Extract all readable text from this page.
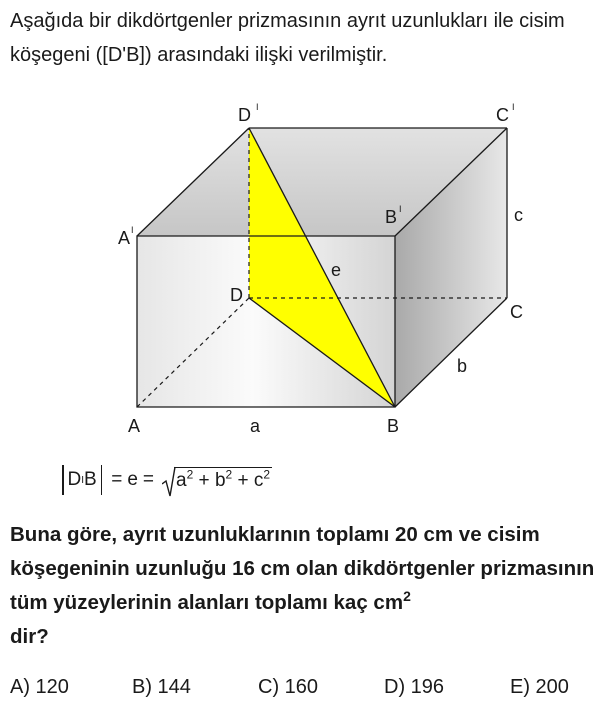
Aşağıda bir dikdörtgenler prizmasının ayrıt uzunlukları ile cisim köşegeni ([D'B]) arasındaki ilişki verilmiştir.

D I	C I
A I
B I
D
C
A	B
a
b
c
e
D I B = e =	$a^2 + b^2 + c^2$

Buna göre, ayrıt uzunluklarının toplamı 20 cm ve cisim köşegeninin uzunluğu 16 cm olan dikdörtgenler prizmasının tüm yüzeylerinin alanları toplamı kaç $cm^2$
dir?

A) 120	B) 144	C) 160	D) 196	E) 200
